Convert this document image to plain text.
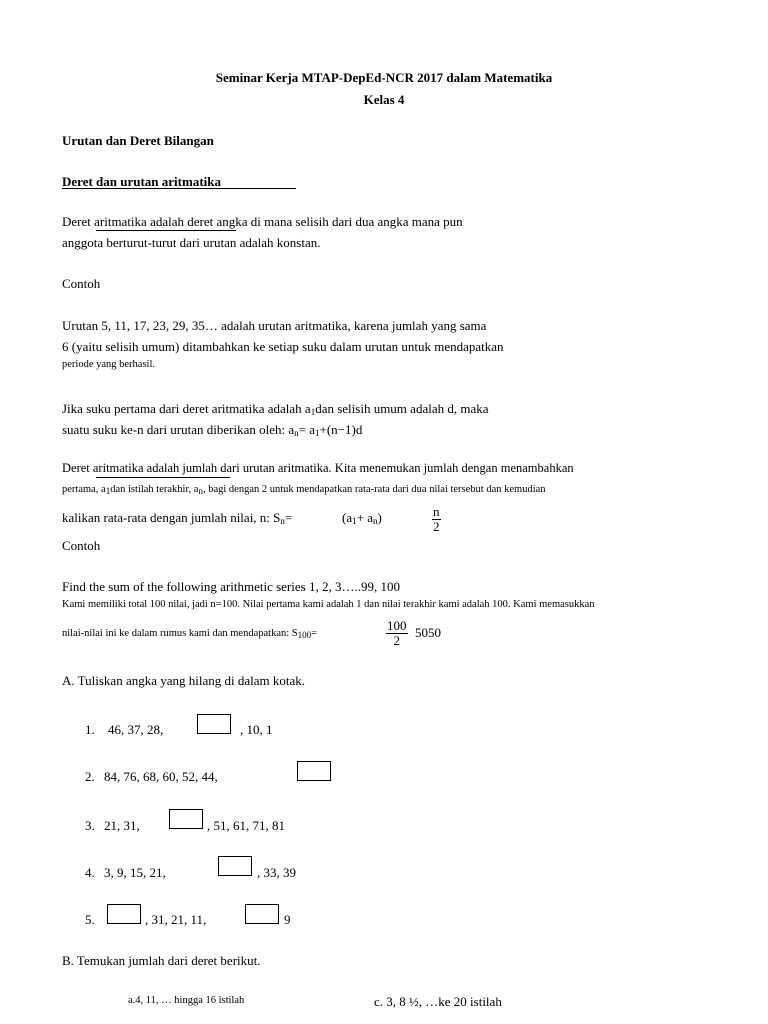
Seminar Kerja MTAP-DepEd-NCR 2017 dalam Matematika
Kelas 4
Urutan dan Deret Bilangan
Deret dan urutan aritmatika
Deret aritmatika adalah deret angka di mana selisih dari dua angka mana pun
anggota berturut-turut dari urutan adalah konstan.
Contoh
Urutan 5, 11, 17, 23, 29, 35… adalah urutan aritmatika, karena jumlah yang sama
6 (yaitu selisih umum) ditambahkan ke setiap suku dalam urutan untuk mendapatkan
periode yang berhasil.
Jika suku pertama dari deret aritmatika adalah $a_1dan$ selisih umum adalah d, maka
suatu suku ke-n dari urutan diberikan oleh: $a_n= a_1+(n-1)d$
Deret aritmatika adalah jumlah dari urutan aritmatika. Kita menemukan jumlah dengan menambahkan
pertama, $a_1dan$ istilah terakhir, $a_n$, bagi dengan 2 untuk mendapatkan rata-rata dari dua nilai tersebut dan kemudian
kalikan rata-rata dengan jumlah nilai, n: $S_n=$	$(a_1+ a_n)$	$\frac{n}{2}$
Contoh
Find the sum of the following arithmetic series 1, 2, 3…..99, 100
Kami memiliki total 100 nilai, jadi n=100. Nilai pertama kami adalah 1 dan nilai terakhir kami adalah 100. Kami memasukkan
nilai-nilai ini ke dalam rumus kami dan mendapatkan: $S_{100}=$	$\frac{100}{2} 5050$
A. Tuliskan angka yang hilang di dalam kotak.
1. 46, 37, 28,	, 10, 1
2. 84, 76, 68, 60, 52, 44,
3. 21, 31,	, 51, 61, 71, 81
4. 3, 9, 15, 21,	, 33, 39
5.	, 31, 21, 11,	9
B. Temukan jumlah dari deret berikut.
a.4, 11, … hingga 16 istilah	c. 3, 8 ½, …ke 20 istilah
